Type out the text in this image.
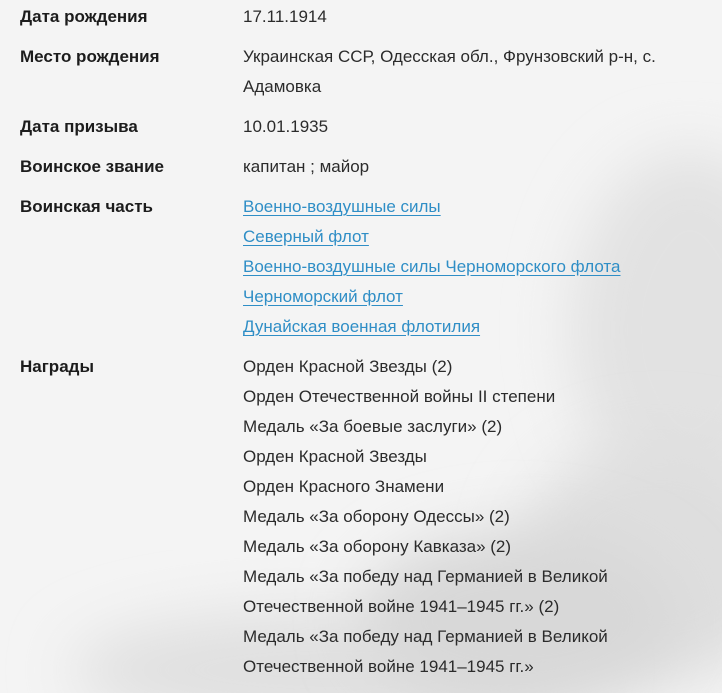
Дата рождения	17.11.1914
Место рождения	Украинская ССР, Одесская обл., Фрунзовский р-н, с.
Адамовка
Дата призыва	10.01.1935
Воинское звание	капитан ; майор
Воинская часть	Военно-воздушные силы
Северный флот
Военно-воздушные силы Черноморского флота
Черноморский флот
Дунайская военная флотилия
Награды	Орден Красной Звезды (2)
Орден Отечественной войны II степени
Медаль «За боевые заслуги» (2)
Орден Красной Звезды
Орден Красного Знамени
Медаль «За оборону Одессы» (2)
Медаль «За оборону Кавказа» (2)
Медаль «За победу над Германией в Великой
Отечественной войне 1941–1945 гг.» (2)
Медаль «За победу над Германией в Великой
Отечественной войне 1941–1945 гг.»
